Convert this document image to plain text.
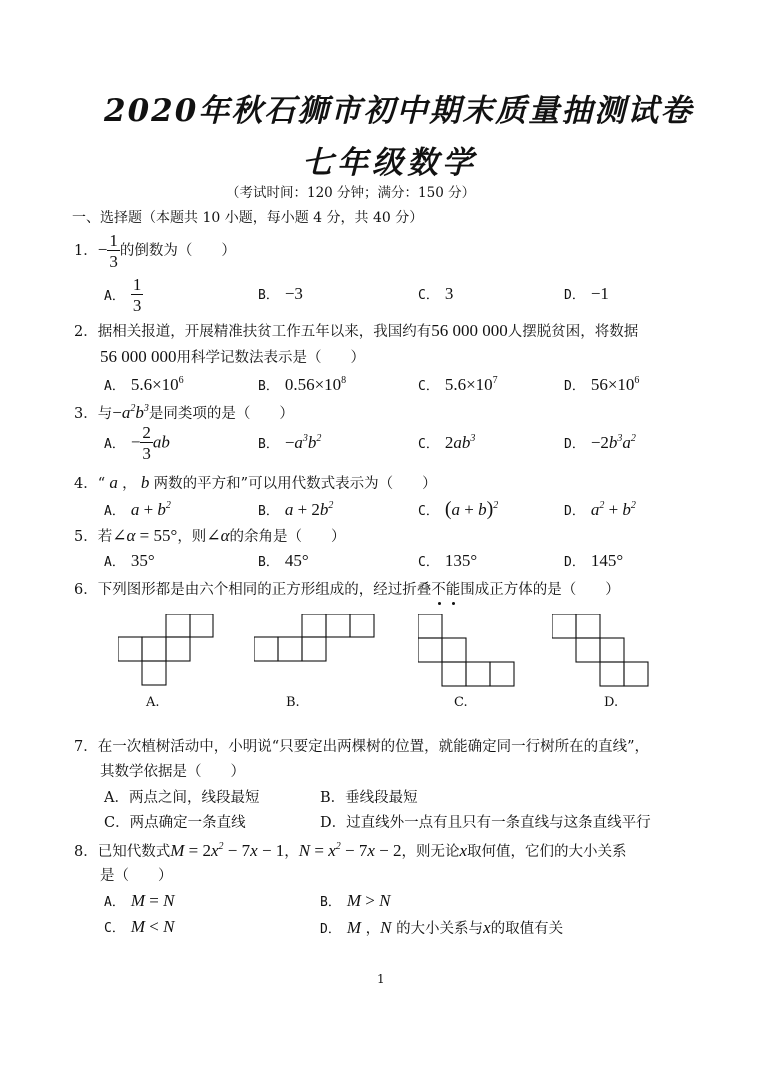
2020年秋石狮市初中期末质量抽测试卷
七年级数学
（考试时间：120 分钟；满分：150 分）
一、选择题（本题共 10 小题，每小题 4 分，共 40 分）
1．− $\frac{1}{3}$ 的倒数为（　　）
A． $\frac{1}{3}$	B． −3	C． 3	D． −1
2．据相关报道，开展精准扶贫工作五年以来，我国约有56 000 000人摆脱贫困，将数据
56 000 000用科学记数法表示是（　　）
A． $5.6\times 10^6$	B． $0.56\times 10^8$	C． $5.6\times 10^7$	D． $56\times 10^6$
3．与$-a^2b^3$是同类项的是（　　）
A． − $\frac{2}{3}$ ab	B． $-a^3b^2$	C． $2ab^3$	D． $-2b^3a^2$
4．“ a ， b 两数的平方和”可以用代数式表示为（　　）
A． $a + b^2$	B． $a + 2b^2$	C． $(a + b)^2$	D． $a^2 + b^2$
5．若∠α = 55°，则∠α的余角是（　　）
A． 35°	B． 45°	C． 135°	D． 145°
6．下列图形都是由六个相同的正方形组成的，经过折叠不能围成正方体的是（　　）
A.	B.	C.	D.
7．在一次植树活动中，小明说“只要定出两棵树的位置，就能确定同一行树所在的直线”，
其数学依据是（　　）
A．两点之间，线段最短	B．垂线段最短
C．两点确定一条直线	D．过直线外一点有且只有一条直线与这条直线平行
8．已知代数式$M = 2x^2 - 7x - 1$，$N = x^2 - 7x - 2$，则无论x取何值，它们的大小关系
是（　　）
A． M = N	B． M > N
C． M < N	D． M ，N 的大小关系与x的取值有关
1
